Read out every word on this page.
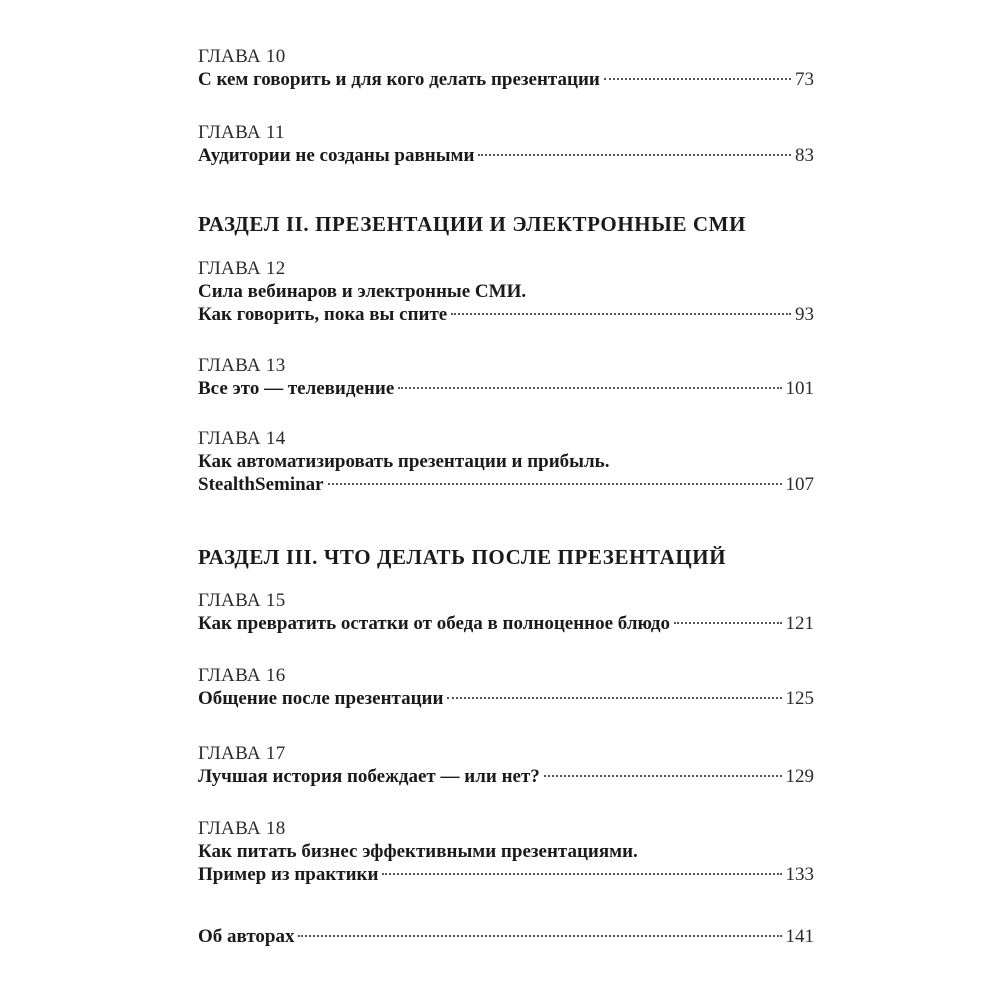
ГЛАВА 10
С кем говорить и для кого делать презентации	73
ГЛАВА 11
Аудитории не созданы равными	83
РАЗДЕЛ II. ПРЕЗЕНТАЦИИ И ЭЛЕКТРОННЫЕ СМИ
ГЛАВА 12
Сила вебинаров и электронные СМИ.
Как говорить, пока вы спите	93
ГЛАВА 13
Все это — телевидение	101
ГЛАВА 14
Как автоматизировать презентации и прибыль.
StealthSeminar	107
РАЗДЕЛ III. ЧТО ДЕЛАТЬ ПОСЛЕ ПРЕЗЕНТАЦИЙ
ГЛАВА 15
Как превратить остатки от обеда в полноценное блюдо	121
ГЛАВА 16
Общение после презентации	125
ГЛАВА 17
Лучшая история побеждает — или нет?	129
ГЛАВА 18
Как питать бизнес эффективными презентациями.
Пример из практики	133
Об авторах	141
